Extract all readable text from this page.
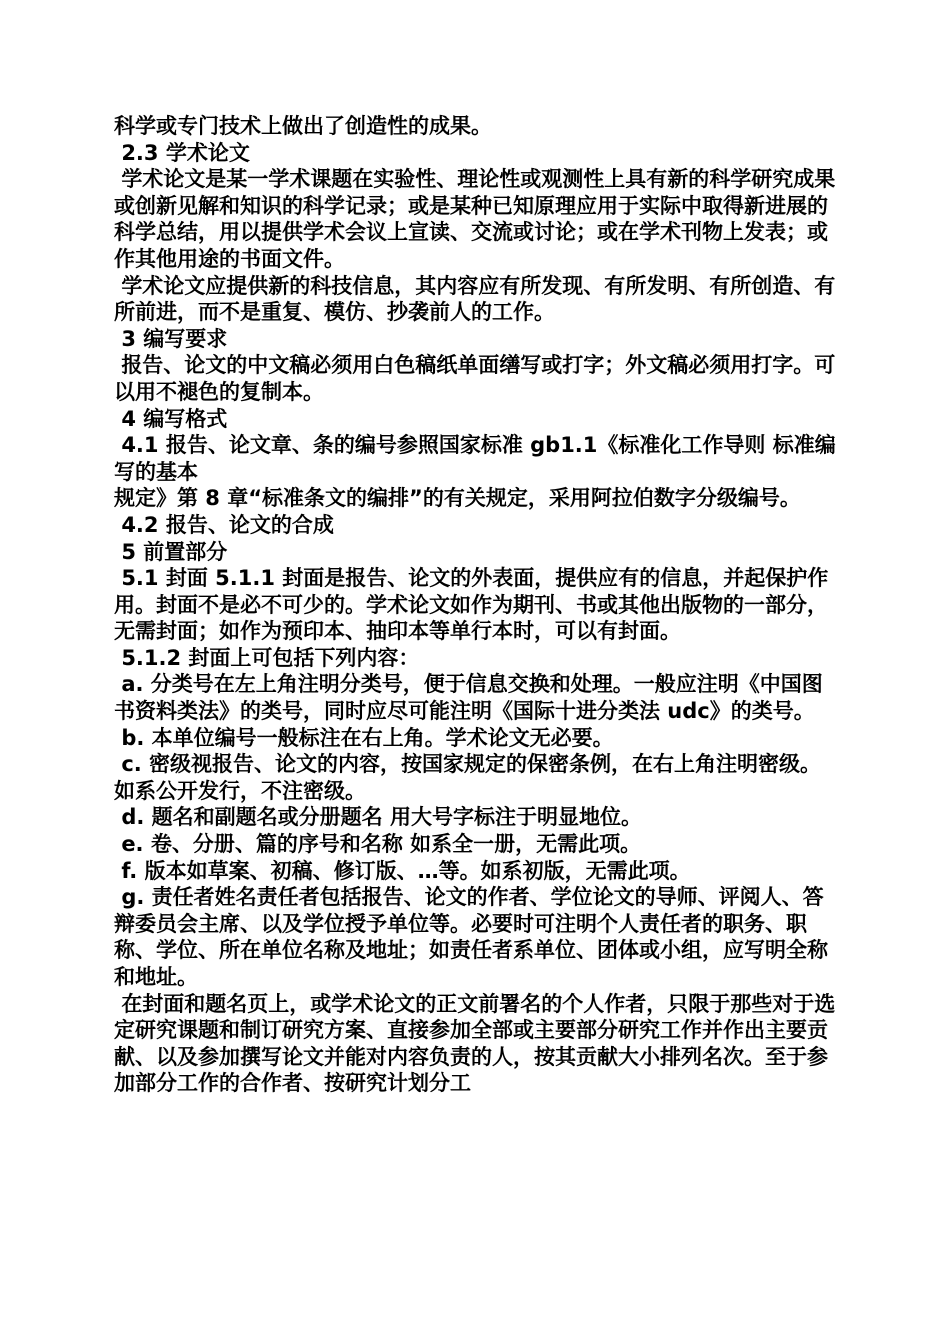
科学或专门技术上做出了创造性的成果。

2.3 学术论文

学术论文是某一学术课题在实验性、理论性或观测性上具有新的科学研究成果或创新见解和知识的科学记录；或是某种已知原理应用于实际中取得新进展的科学总结，用以提供学术会议上宣读、交流或讨论；或在学术刊物上发表；或作其他用途的书面文件。

学术论文应提供新的科技信息，其内容应有所发现、有所发明、有所创造、有所前进，而不是重复、模仿、抄袭前人的工作。

3 编写要求

报告、论文的中文稿必须用白色稿纸单面缮写或打字；外文稿必须用打字。可以用不褪色的复制本。

4 编写格式

4.1 报告、论文章、条的编号参照国家标准 gb1.1《标准化工作导则 标准编写的基本

规定》第 8 章“标准条文的编排”的有关规定，采用阿拉伯数字分级编号。

4.2 报告、论文的合成

5 前置部分

5.1 封面 5.1.1 封面是报告、论文的外表面，提供应有的信息，并起保护作用。封面不是必不可少的。学术论文如作为期刊、书或其他出版物的一部分，无需封面；如作为预印本、抽印本等单行本时，可以有封面。

5.1.2 封面上可包括下列内容：

a. 分类号在左上角注明分类号，便于信息交换和处理。一般应注明《中国图书资料类法》的类号，同时应尽可能注明《国际十进分类法 udc》的类号。

b. 本单位编号一般标注在右上角。学术论文无必要。

c. 密级视报告、论文的内容，按国家规定的保密条例，在右上角注明密级。如系公开发行，不注密级。

d. 题名和副题名或分册题名 用大号字标注于明显地位。

e. 卷、分册、篇的序号和名称 如系全一册，无需此项。

f. 版本如草案、初稿、修订版、…等。如系初版，无需此项。

g. 责任者姓名责任者包括报告、论文的作者、学位论文的导师、评阅人、答辩委员会主席、以及学位授予单位等。必要时可注明个人责任者的职务、职称、学位、所在单位名称及地址；如责任者系单位、团体或小组，应写明全称和地址。

在封面和题名页上，或学术论文的正文前署名的个人作者，只限于那些对于选定研究课题和制订研究方案、直接参加全部或主要部分研究工作并作出主要贡献、以及参加撰写论文并能对内容负责的人，按其贡献大小排列名次。至于参加部分工作的合作者、按研究计划分工
